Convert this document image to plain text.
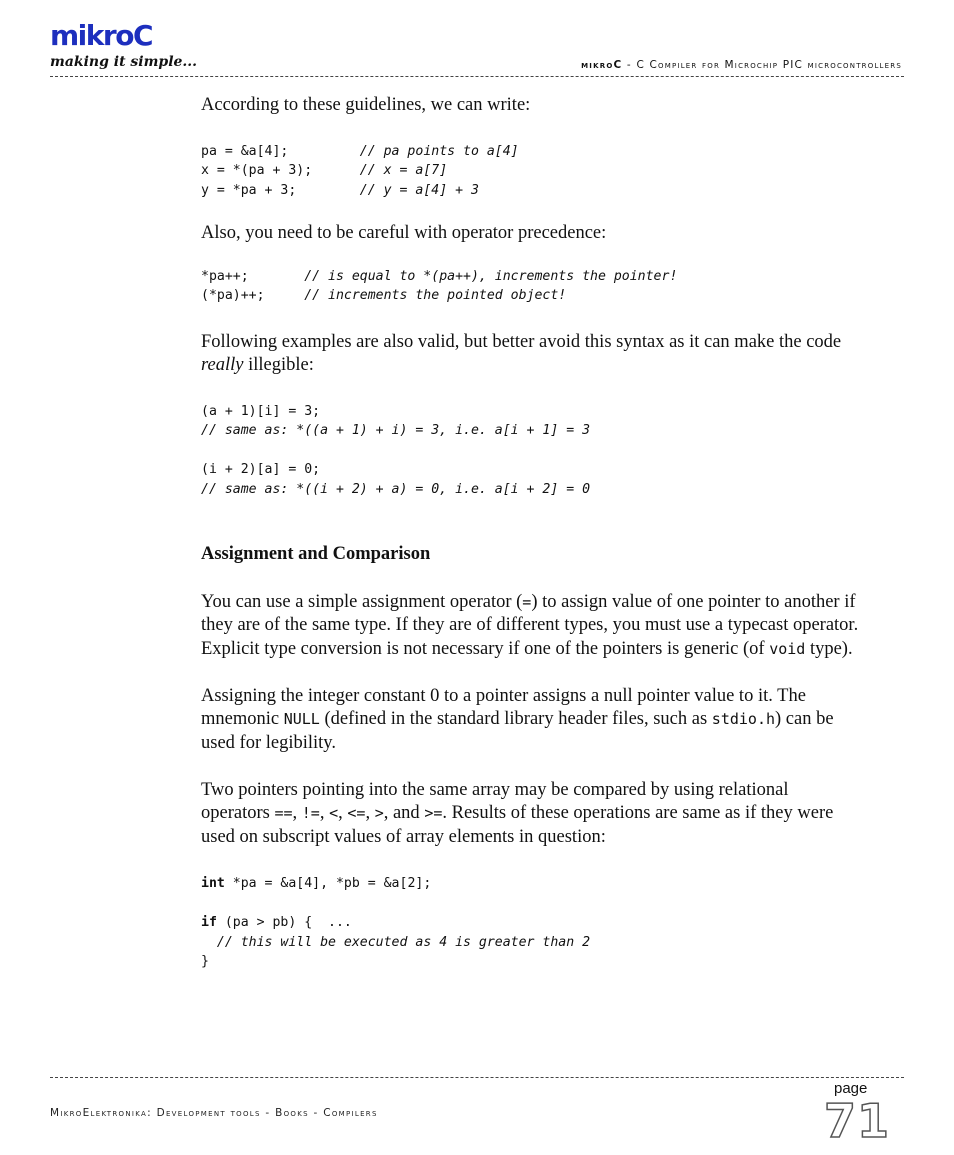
mikroC
making it simple...	mikroC - C Compiler for Microchip PIC microcontrollers

According to these guidelines, we can write:

pa = &a[4];         // pa points to a[4]
x = *(pa + 3);      // x = a[7]
y = *pa + 3;        // y = a[4] + 3

Also, you need to be careful with operator precedence:

*pa++;       // is equal to *(pa++), increments the pointer!
(*pa)++;     // increments the pointed object!

Following examples are also valid, but better avoid this syntax as it can make the code really illegible:

(a + 1)[i] = 3;
// same as: *((a + 1) + i) = 3, i.e. a[i + 1] = 3

(i + 2)[a] = 0;
// same as: *((i + 2) + a) = 0, i.e. a[i + 2] = 0

Assignment and Comparison

You can use a simple assignment operator (=) to assign value of one pointer to another if they are of the same type. If they are of different types, you must use a typecast operator. Explicit type conversion is not necessary if one of the pointers is generic (of void type).

Assigning the integer constant 0 to a pointer assigns a null pointer value to it. The mnemonic NULL (defined in the standard library header files, such as stdio.h) can be used for legibility.

Two pointers pointing into the same array may be compared by using relational operators ==, !=, <, <=, >, and >=. Results of these operations are same as if they were used on subscript values of array elements in question:

int *pa = &a[4], *pb = &a[2];

if (pa > pb) {  ...
// this will be executed as 4 is greater than 2
}
page
MikroElektronika: Development tools - Books - Compilers	71
